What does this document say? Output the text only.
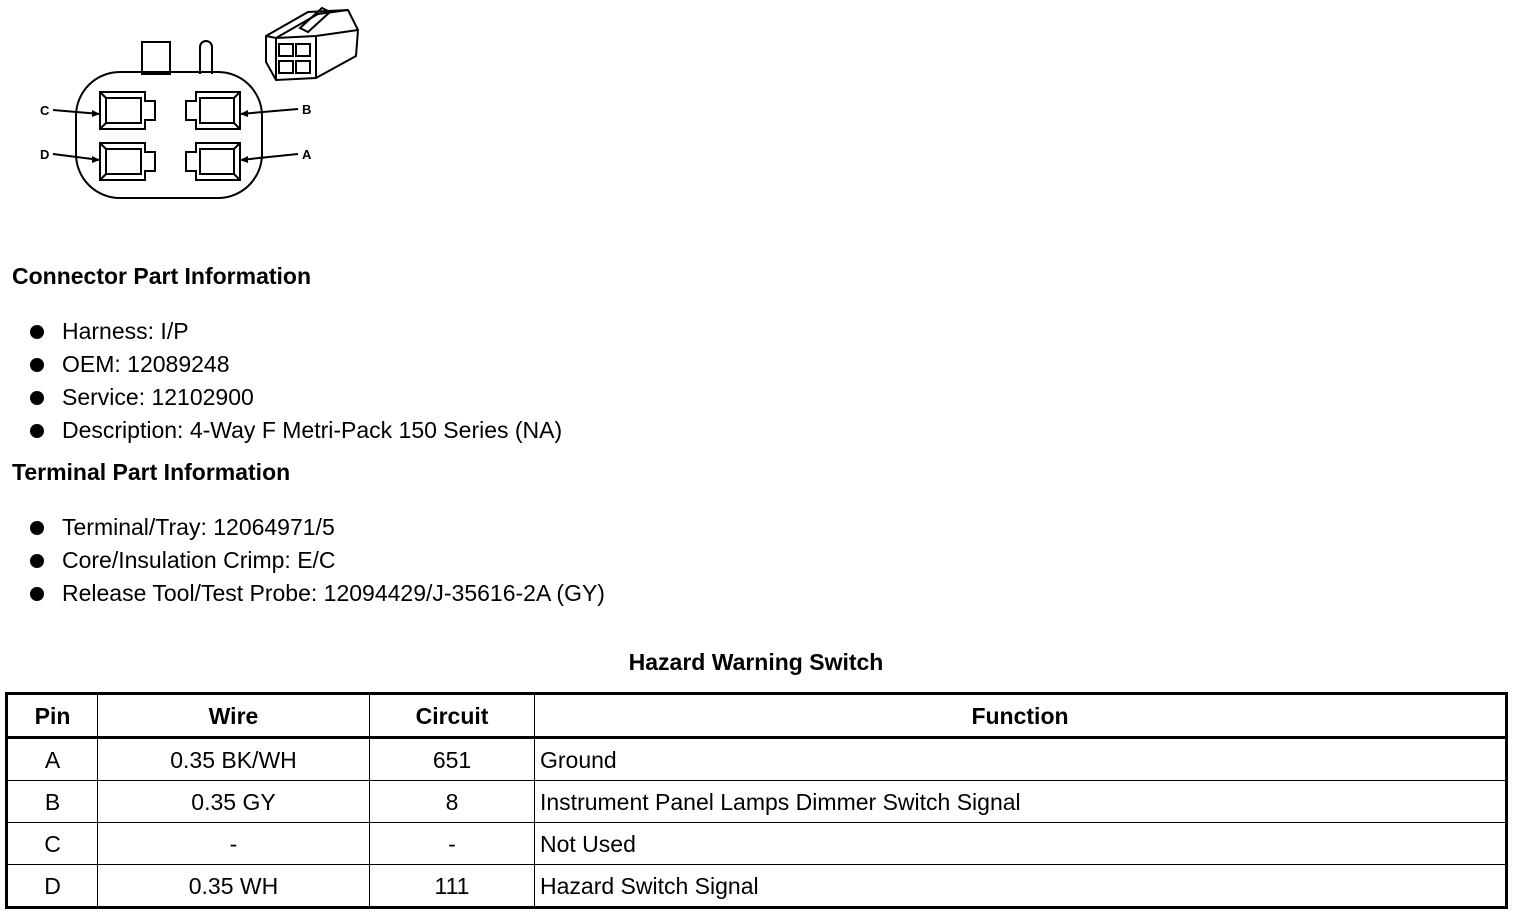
C	B
D	A
Connector Part Information
Harness: I/P
OEM: 12089248
Service: 12102900
Description: 4-Way F Metri-Pack 150 Series (NA)
Terminal Part Information
Terminal/Tray: 12064971/5
Core/Insulation Crimp: E/C
Release Tool/Test Probe: 12094429/J-35616-2A (GY)
Hazard Warning Switch
Pin	Wire	Circuit	Function
A	0.35 BK/WH	651	Ground
B	0.35 GY	8	Instrument Panel Lamps Dimmer Switch Signal
C	-	-	Not Used
D	0.35 WH	111	Hazard Switch Signal
